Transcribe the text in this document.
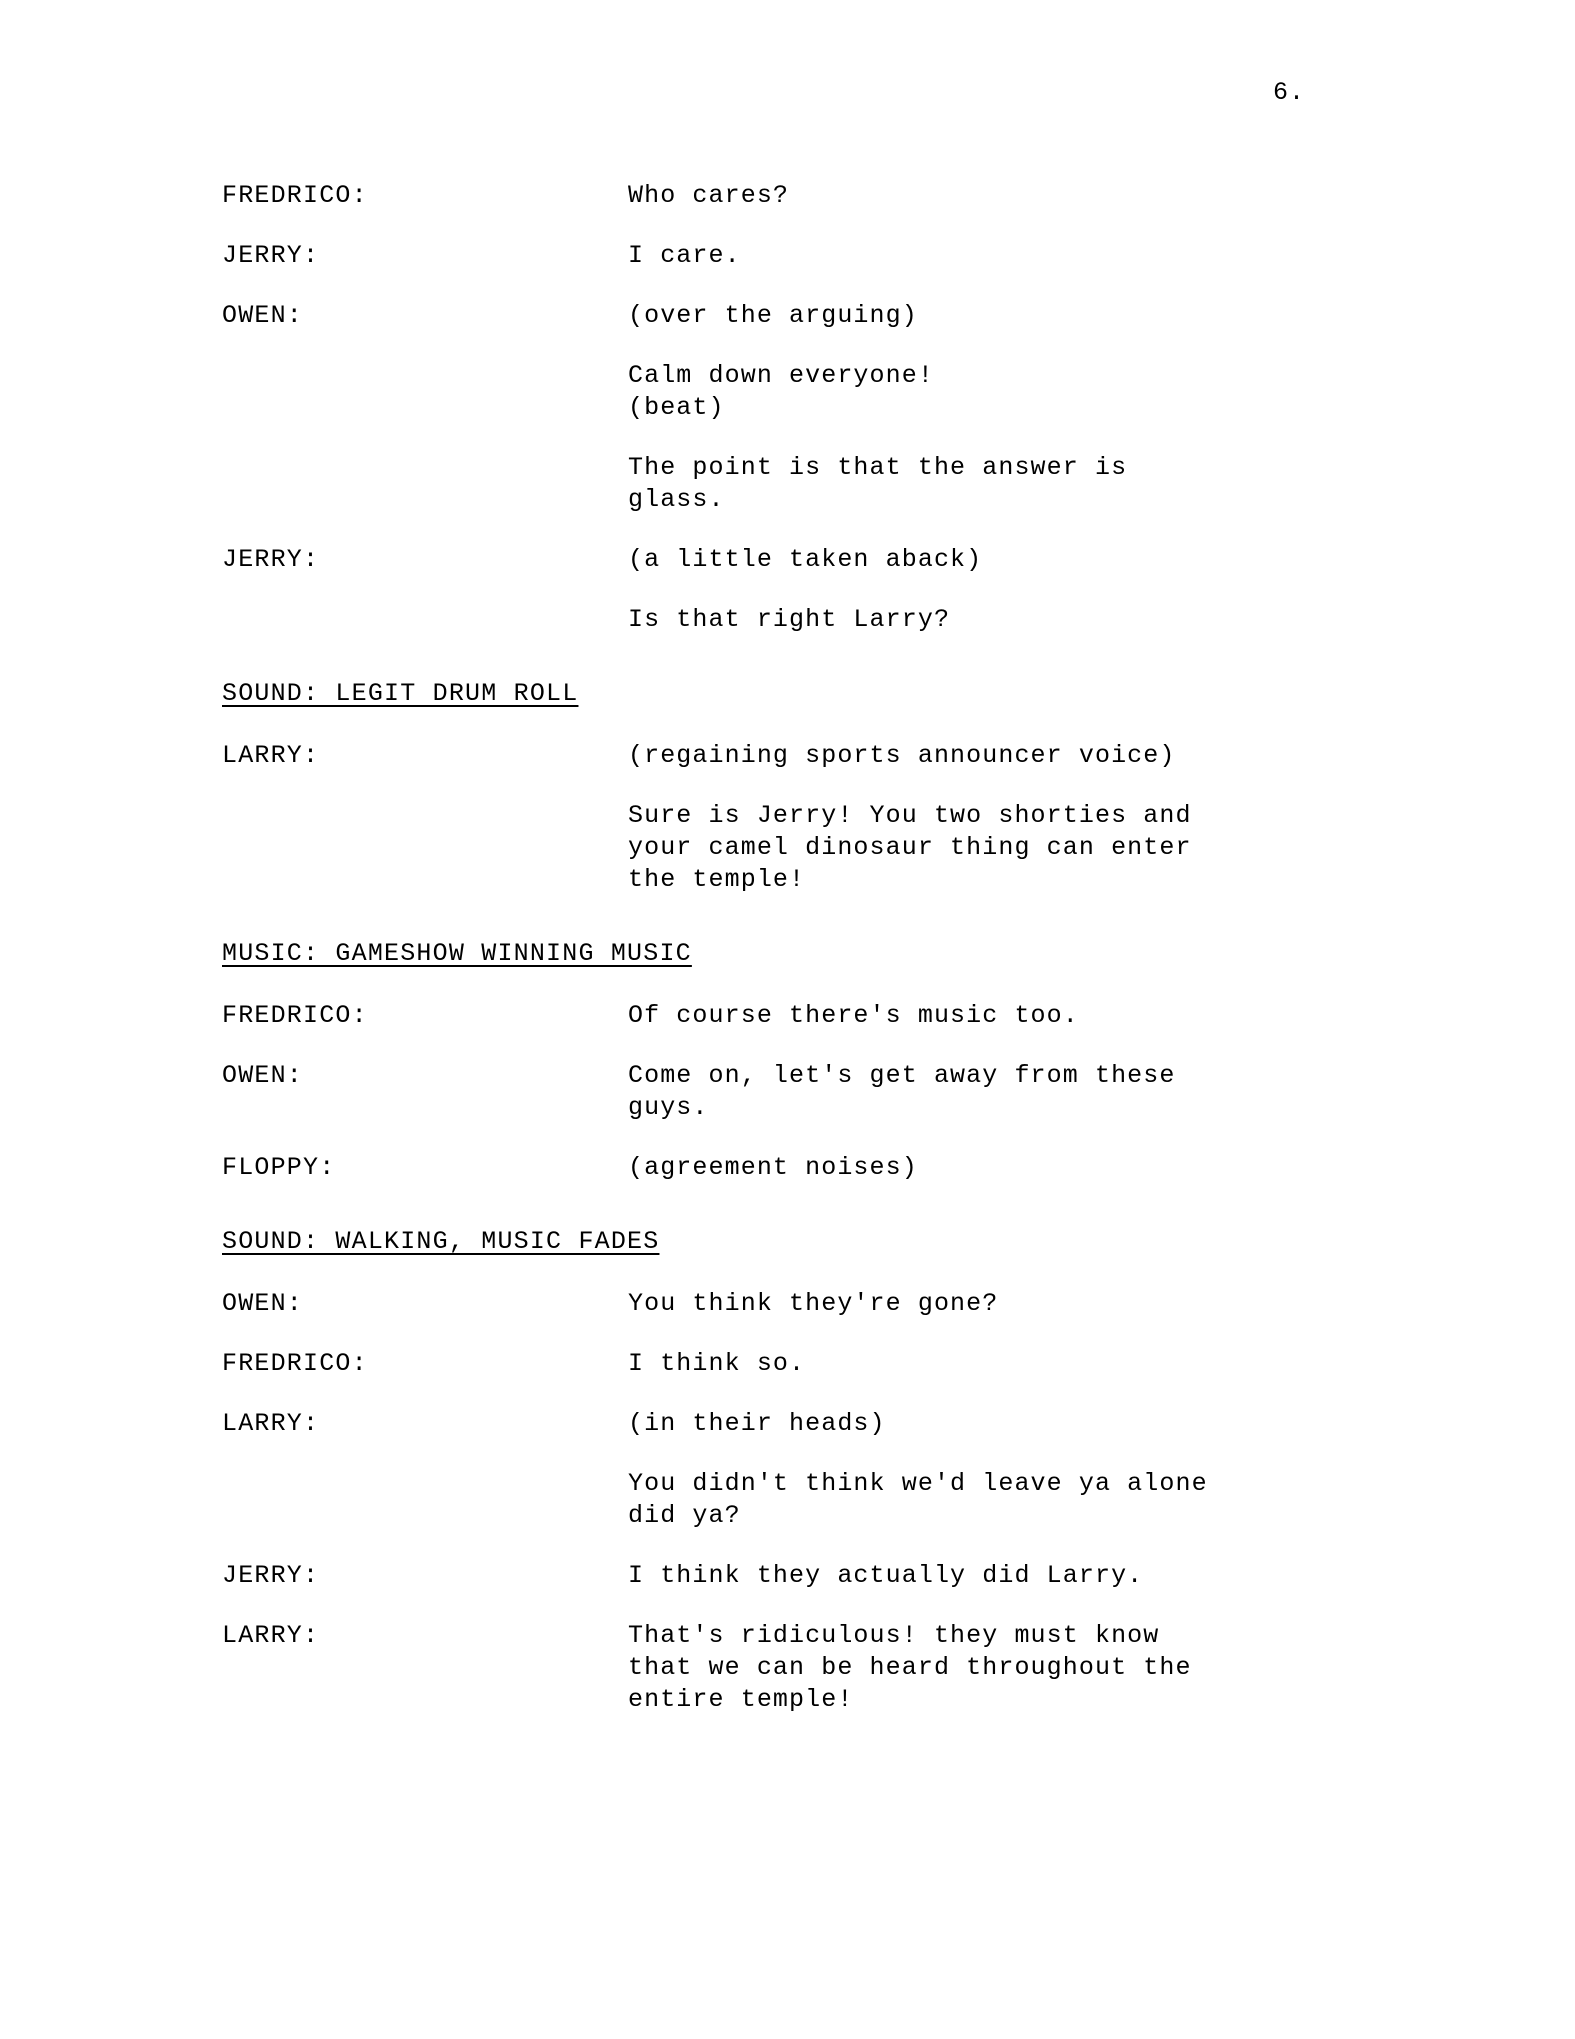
6.
FREDRICO:	Who cares?
JERRY:	I care.
OWEN:	(over the arguing)
Calm down everyone!
(beat)
The point is that the answer is
glass.
JERRY:	(a little taken aback)
Is that right Larry?
SOUND: LEGIT DRUM ROLL
LARRY:	(regaining sports announcer voice)
Sure is Jerry! You two shorties and
your camel dinosaur thing can enter
the temple!
MUSIC: GAMESHOW WINNING MUSIC
FREDRICO:	Of course there's music too.
OWEN:	Come on, let's get away from these
guys.
FLOPPY:	(agreement noises)
SOUND: WALKING, MUSIC FADES
OWEN:	You think they're gone?
FREDRICO:	I think so.
LARRY:	(in their heads)
You didn't think we'd leave ya alone
did ya?
JERRY:	I think they actually did Larry.
LARRY:	That's ridiculous! they must know
that we can be heard throughout the
entire temple!
